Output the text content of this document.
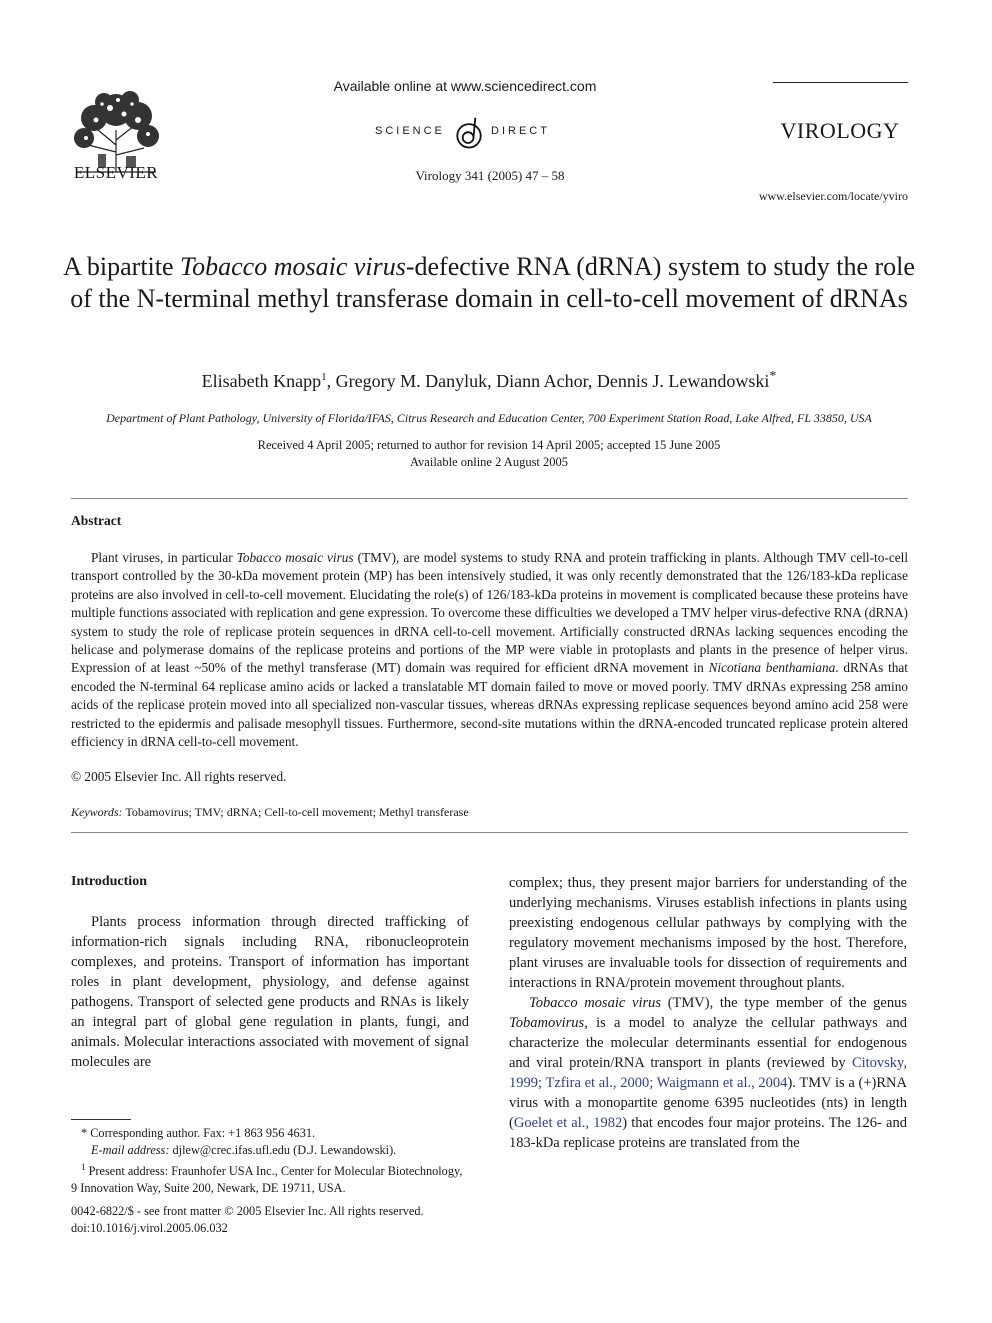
ELSEVIER
Available online at www.sciencedirect.com
SCIENCE	DIRECT
Virology 341 (2005) 47 – 58
VIROLOGY
www.elsevier.com/locate/yviro
A bipartite Tobacco mosaic virus-defective RNA (dRNA) system to study the role of the N-terminal methyl transferase domain in cell-to-cell movement of dRNAs
Elisabeth Knapp$^1$, Gregory M. Danyluk, Diann Achor, Dennis J. Lewandowski*
Department of Plant Pathology, University of Florida/IFAS, Citrus Research and Education Center, 700 Experiment Station Road, Lake Alfred, FL 33850, USA
Received 4 April 2005; returned to author for revision 14 April 2005; accepted 15 June 2005
Available online 2 August 2005
Abstract
Plant viruses, in particular Tobacco mosaic virus (TMV), are model systems to study RNA and protein trafficking in plants. Although TMV cell-to-cell transport controlled by the 30-kDa movement protein (MP) has been intensively studied, it was only recently demonstrated that the 126/183-kDa replicase proteins are also involved in cell-to-cell movement. Elucidating the role(s) of 126/183-kDa proteins in movement is complicated because these proteins have multiple functions associated with replication and gene expression. To overcome these difficulties we developed a TMV helper virus-defective RNA (dRNA) system to study the role of replicase protein sequences in dRNA cell-to-cell movement. Artificially constructed dRNAs lacking sequences encoding the helicase and polymerase domains of the replicase proteins and portions of the MP were viable in protoplasts and plants in the presence of helper virus. Expression of at least ~50% of the methyl transferase (MT) domain was required for efficient dRNA movement in Nicotiana benthamiana. dRNAs that encoded the N-terminal 64 replicase amino acids or lacked a translatable MT domain failed to move or moved poorly. TMV dRNAs expressing 258 amino acids of the replicase protein moved into all specialized non-vascular tissues, whereas dRNAs expressing replicase sequences beyond amino acid 258 were restricted to the epidermis and palisade mesophyll tissues. Furthermore, second-site mutations within the dRNA-encoded truncated replicase protein altered efficiency in dRNA cell-to-cell movement.
© 2005 Elsevier Inc. All rights reserved.
Keywords: Tobamovirus; TMV; dRNA; Cell-to-cell movement; Methyl transferase
Introduction

Plants process information through directed trafficking of information-rich signals including RNA, ribonucleoprotein complexes, and proteins. Transport of information has important roles in plant development, physiology, and defense against pathogens. Transport of selected gene products and RNAs is likely an integral part of global gene regulation in plants, fungi, and animals. Molecular interactions associated with movement of signal molecules are

complex; thus, they present major barriers for understanding of the underlying mechanisms. Viruses establish infections in plants using preexisting endogenous cellular pathways by complying with the regulatory movement mechanisms imposed by the host. Therefore, plant viruses are invaluable tools for dissection of requirements and interactions in RNA/protein movement throughout plants.

Tobacco mosaic virus (TMV), the type member of the genus Tobamovirus, is a model to analyze the cellular pathways and characterize the molecular determinants essential for endogenous and viral protein/RNA transport in plants (reviewed by Citovsky, 1999; Tzfira et al., 2000; Waigmann et al., 2004). TMV is a (+)RNA virus with a monopartite genome 6395 nucleotides (nts) in length (Goelet et al., 1982) that encodes four major proteins. The 126- and 183-kDa replicase proteins are translated from the

* Corresponding author. Fax: +1 863 956 4631.
E-mail address: djlew@crec.ifas.ufl.edu (D.J. Lewandowski).
$^1$ Present address: Fraunhofer USA Inc., Center for Molecular Biotechnology, 9 Innovation Way, Suite 200, Newark, DE 19711, USA.
0042-6822/$ - see front matter © 2005 Elsevier Inc. All rights reserved.
doi:10.1016/j.virol.2005.06.032
